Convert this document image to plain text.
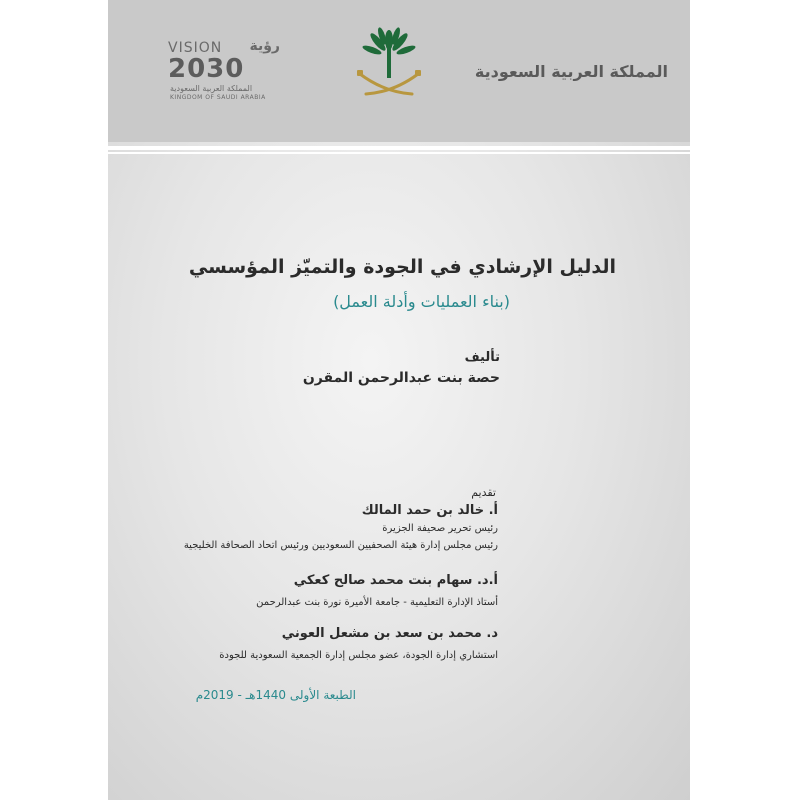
VISION رؤية
2030
المملكة العربية السعودية
KINGDOM OF SAUDI ARABIA
المملكة العربية السعودية
الدليل الإرشادي في الجودة والتميّز المؤسسي
(بناء العمليات وأدلة العمل)
تأليف
حصة بنت عبدالرحمن المقرن
تقديم
أ. خالد بن حمد المالك
رئيس تحرير صحيفة الجزيرة
رئيس مجلس إدارة هيئة الصحفيين السعوديين ورئيس اتحاد الصحافة الخليجية
أ.د. سهام بنت محمد صالح كعكي
أستاذ الإدارة التعليمية - جامعة الأميرة نورة بنت عبدالرحمن
د. محمد بن سعد بن مشعل العوني
استشاري إدارة الجودة، عضو مجلس إدارة الجمعية السعودية للجودة
الطبعة الأولى 1440هـ - 2019م
